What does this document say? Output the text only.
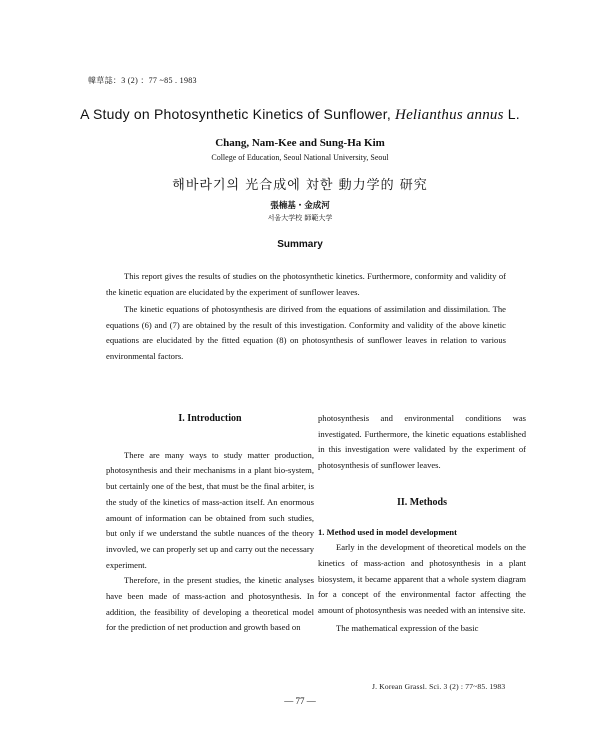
韓草誌：3 (2) ：77 ~85 . 1983
A Study on Photosynthetic Kinetics of Sunflower, Helianthus annus L.
Chang, Nam-Kee and Sung-Ha Kim
College of Education, Seoul National University, Seoul
해바라기의 光合成에 対한 動力学的 研究
張楠基・金成河
서울大学校 師範大学
Summary

This report gives the results of studies on the photosynthetic kinetics. Furthermore, conformity and validity of the kinetic equation are elucidated by the experiment of sunflower leaves.

The kinetic equations of photosynthesis are dirived from the equations of assimilation and dissimilation. The equations (6) and (7) are obtained by the result of this investigation. Conformity and validity of the above kinetic equations are elucidated by the fitted equation (8) on photosynthesis of sunflower leaves in relation to various environmental factors.

I. Introduction

There are many ways to study matter production, photosynthesis and their mechanisms in a plant bio-system, but certainly one of the best, that must be the final arbiter, is the study of the kinetics of mass-action itself. An enormous amount of information can be obtained from such studies, but only if we understand the subtle nuances of the theory invovled, we can properly set up and carry out the necessary experiment.

Therefore, in the present studies, the kinetic analyses have been made of mass-action and photosynthesis. In addition, the feasibility of developing a theoretical model for the prediction of net production and growth based on

photosynthesis and environmental conditions was investigated. Furthermore, the kinetic equations established in this investigation were validated by the experiment of photosynthesis of sunflower leaves.

II. Methods

1. Method used in model development

Early in the development of theoretical models on the kinetics of mass-action and photosynthesis in a plant biosystem, it became apparent that a whole system diagram for a concept of the environmental factor affecting the amount of photosynthesis was needed with an intensive site.

The mathematical expression of the basic

J. Korean Grassl. Sci. 3 (2) : 77~85. 1983
— 77 —
